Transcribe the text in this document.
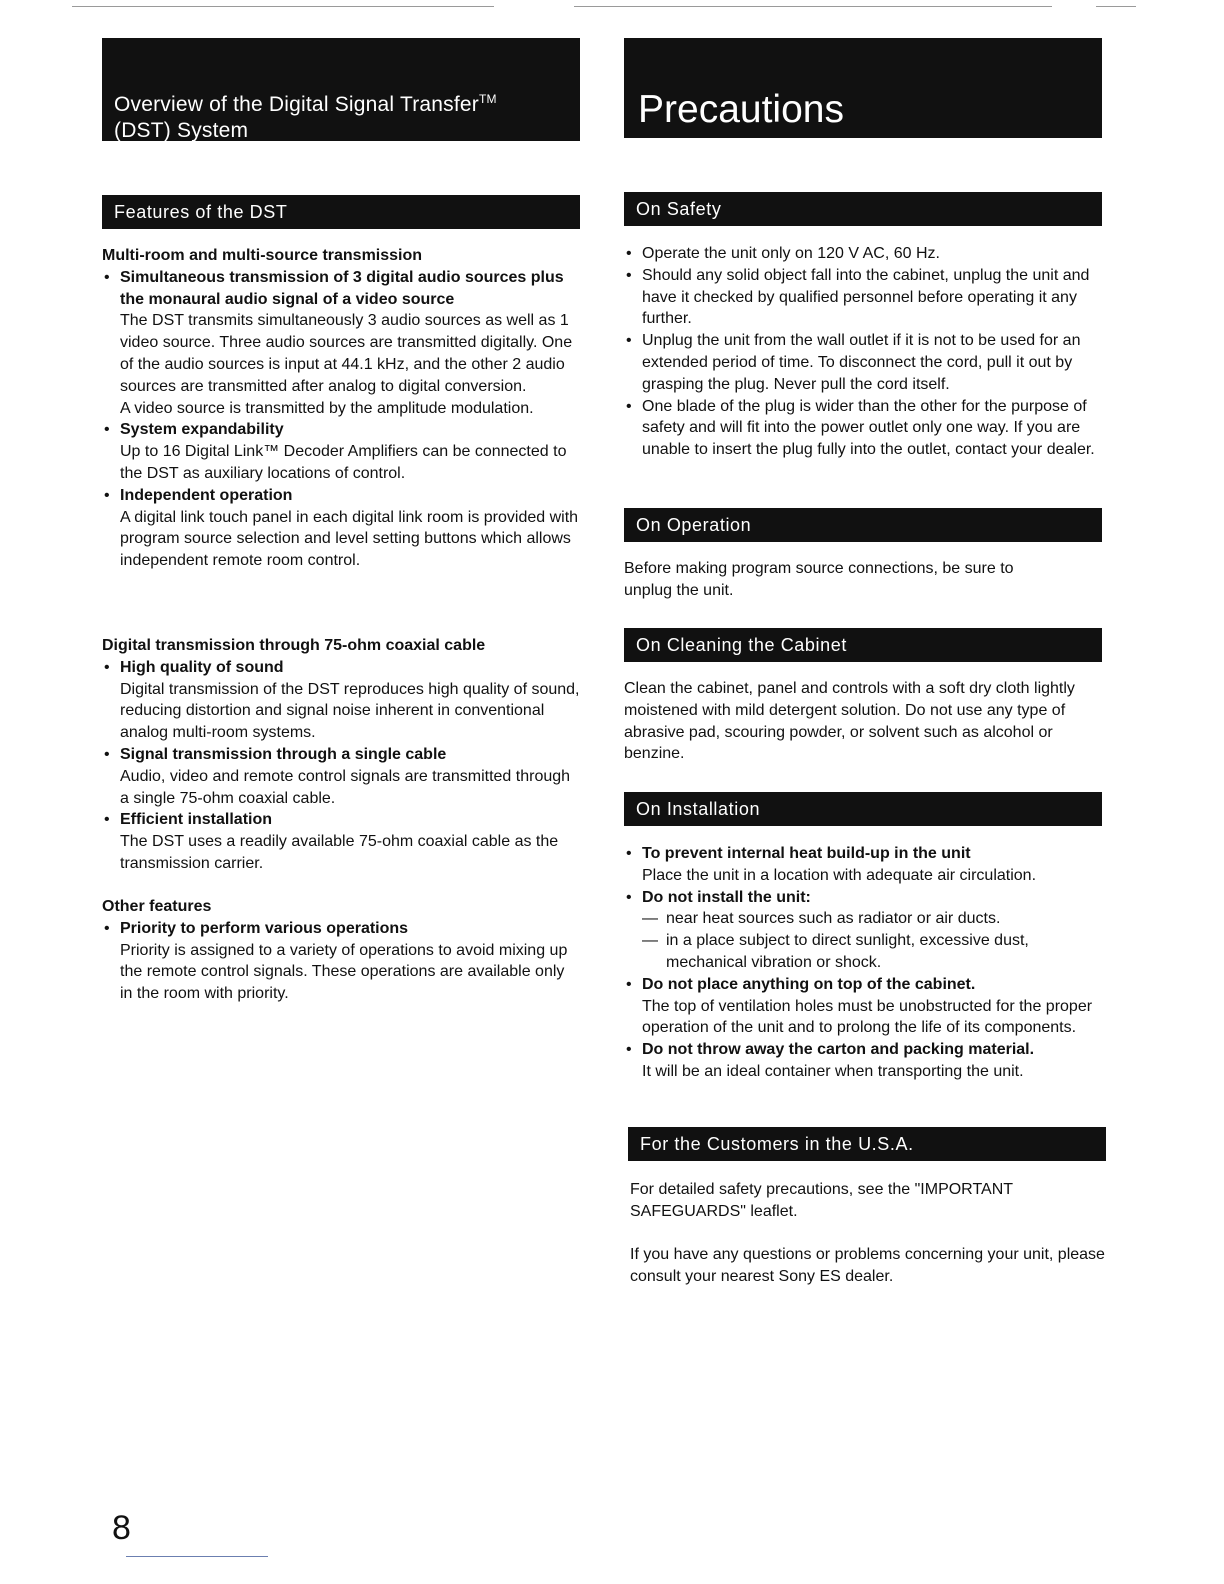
Overview of the Digital Signal Transfer™
(DST) System
Features of the DST
Multi-room and multi-source transmission
• Simultaneous transmission of 3 digital audio sources plus the monaural audio signal of a video source
The DST transmits simultaneously 3 audio sources as well as 1 video source. Three audio sources are transmitted digitally. One of the audio sources is input at 44.1 kHz, and the other 2 audio sources are transmitted after analog to digital conversion.
A video source is transmitted by the amplitude modulation.
• System expandability
Up to 16 Digital Link™ Decoder Amplifiers can be connected to the DST as auxiliary locations of control.
• Independent operation
A digital link touch panel in each digital link room is provided with program source selection and level setting buttons which allows independent remote room control.
Digital transmission through 75-ohm coaxial cable
• High quality of sound
Digital transmission of the DST reproduces high quality of sound, reducing distortion and signal noise inherent in conventional analog multi-room systems.
• Signal transmission through a single cable
Audio, video and remote control signals are transmitted through a single 75-ohm coaxial cable.
• Efficient installation
The DST uses a readily available 75-ohm coaxial cable as the transmission carrier.
Other features
• Priority to perform various operations
Priority is assigned to a variety of operations to avoid mixing up the remote control signals. These operations are available only in the room with priority.
Precautions
On Safety
• Operate the unit only on 120 V AC, 60 Hz.
• Should any solid object fall into the cabinet, unplug the unit and have it checked by qualified personnel before operating it any further.
• Unplug the unit from the wall outlet if it is not to be used for an extended period of time. To disconnect the cord, pull it out by grasping the plug. Never pull the cord itself.
• One blade of the plug is wider than the other for the purpose of safety and will fit into the power outlet only one way. If you are unable to insert the plug fully into the outlet, contact your dealer.
On Operation
Before making program source connections, be sure to unplug the unit.
On Cleaning the Cabinet
Clean the cabinet, panel and controls with a soft dry cloth lightly moistened with mild detergent solution. Do not use any type of abrasive pad, scouring powder, or solvent such as alcohol or benzine.
On Installation
• To prevent internal heat build-up in the unit
Place the unit in a location with adequate air circulation.
• Do not install the unit:
— near heat sources such as radiator or air ducts.
— in a place subject to direct sunlight, excessive dust, mechanical vibration or shock.
• Do not place anything on top of the cabinet.
The top of ventilation holes must be unobstructed for the proper operation of the unit and to prolong the life of its components.
• Do not throw away the carton and packing material.
It will be an ideal container when transporting the unit.
For the Customers in the U.S.A.
For detailed safety precautions, see the "IMPORTANT SAFEGUARDS" leaflet.
If you have any questions or problems concerning your unit, please consult your nearest Sony ES dealer.
8
